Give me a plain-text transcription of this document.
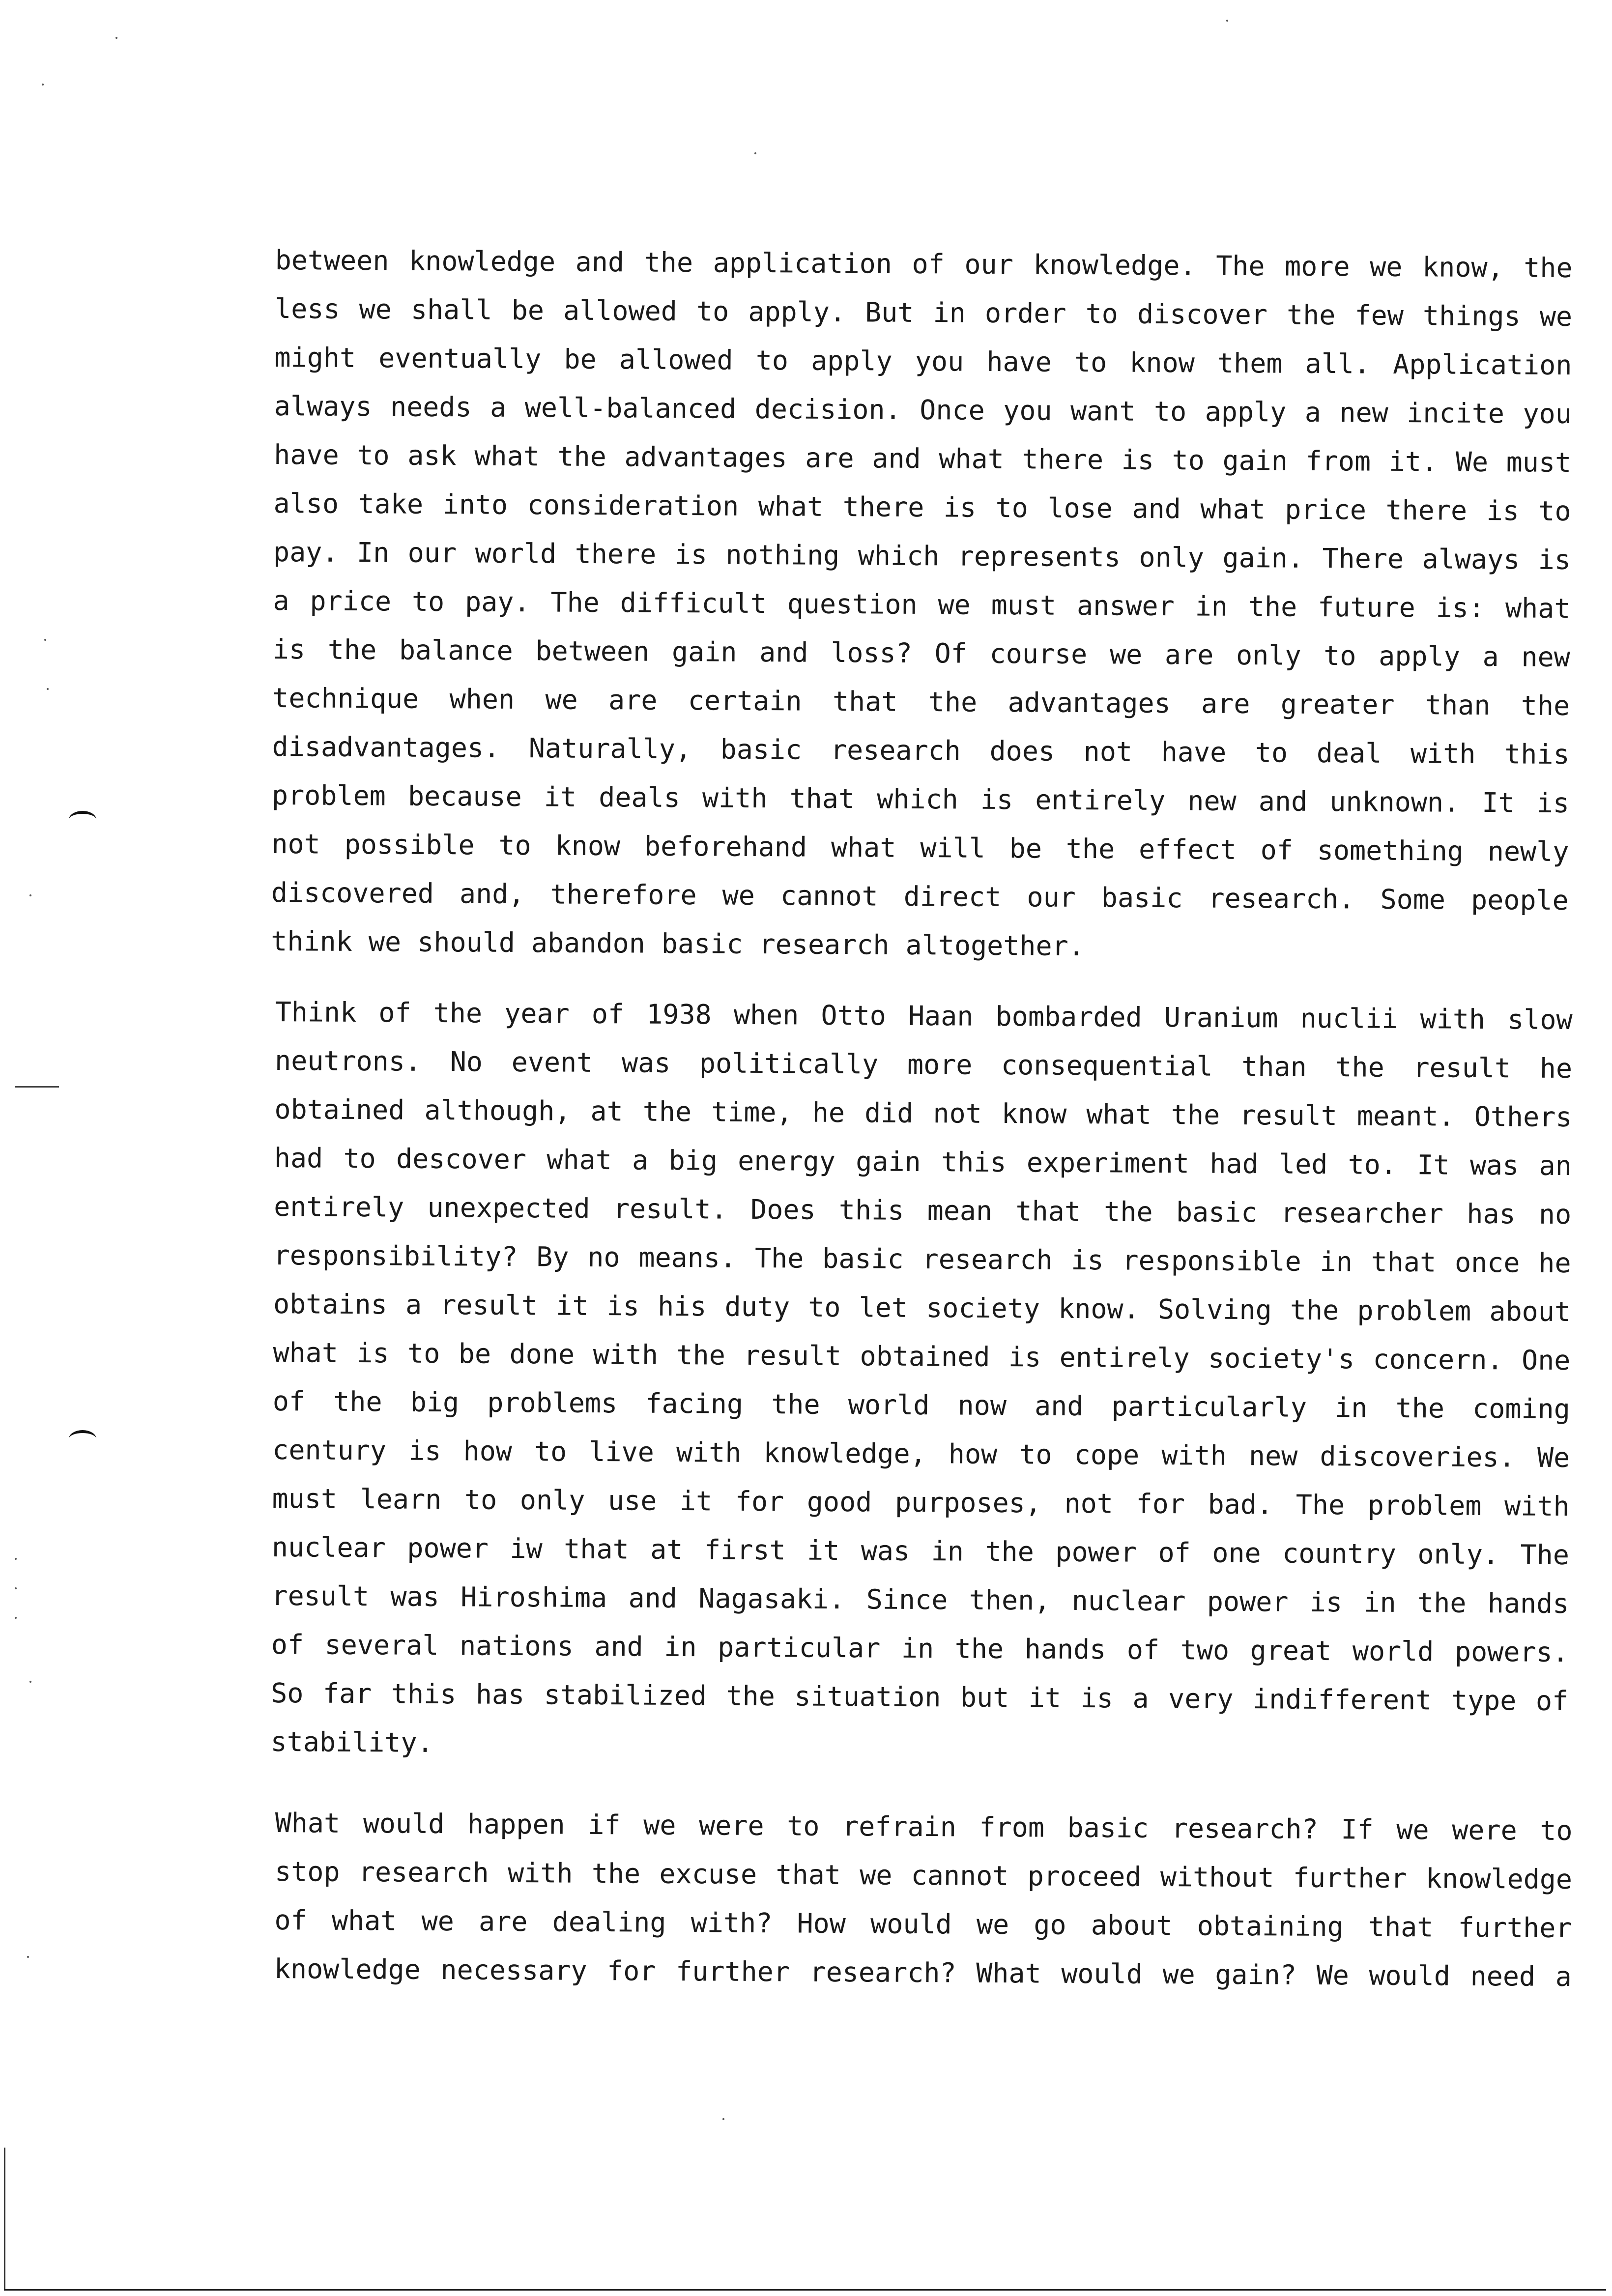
between knowledge and the application of our knowledge. The more we know, the
less we shall be allowed to apply. But in order to discover the few things we
might eventually be allowed to apply you have to know them all. Application
always needs a well-balanced decision. Once you want to apply a new incite you
have to ask what the advantages are and what there is to gain from it. We must
also take into consideration what there is to lose and what price there is to
pay. In our world there is nothing which represents only gain. There always is
a price to pay. The difficult question we must answer in the future is: what
is the balance between gain and loss? Of course we are only to apply a new
technique when we are certain that the advantages are greater than the
disadvantages. Naturally, basic research does not have to deal with this
problem because it deals with that which is entirely new and unknown. It is
not possible to know beforehand what will be the effect of something newly
discovered and, therefore we cannot direct our basic research. Some people
think we should abandon basic research altogether.
Think of the year of 1938 when Otto Haan bombarded Uranium nuclii with slow
neutrons. No event was politically more consequential than the result he
obtained although, at the time, he did not know what the result meant. Others
had to descover what a big energy gain this experiment had led to. It was an
entirely unexpected result. Does this mean that the basic researcher has no
responsibility? By no means. The basic research is responsible in that once he
obtains a result it is his duty to let society know. Solving the problem about
what is to be done with the result obtained is entirely society's concern. One
of the big problems facing the world now and particularly in the coming
century is how to live with knowledge, how to cope with new discoveries. We
must learn to only use it for good purposes, not for bad. The problem with
nuclear power iw that at first it was in the power of one country only. The
result was Hiroshima and Nagasaki. Since then, nuclear power is in the hands
of several nations and in particular in the hands of two great world powers.
So far this has stabilized the situation but it is a very indifferent type of
stability.
What would happen if we were to refrain from basic research? If we were to
stop research with the excuse that we cannot proceed without further knowledge
of what we are dealing with? How would we go about obtaining that further
knowledge necessary for further research? What would we gain? We would need a
